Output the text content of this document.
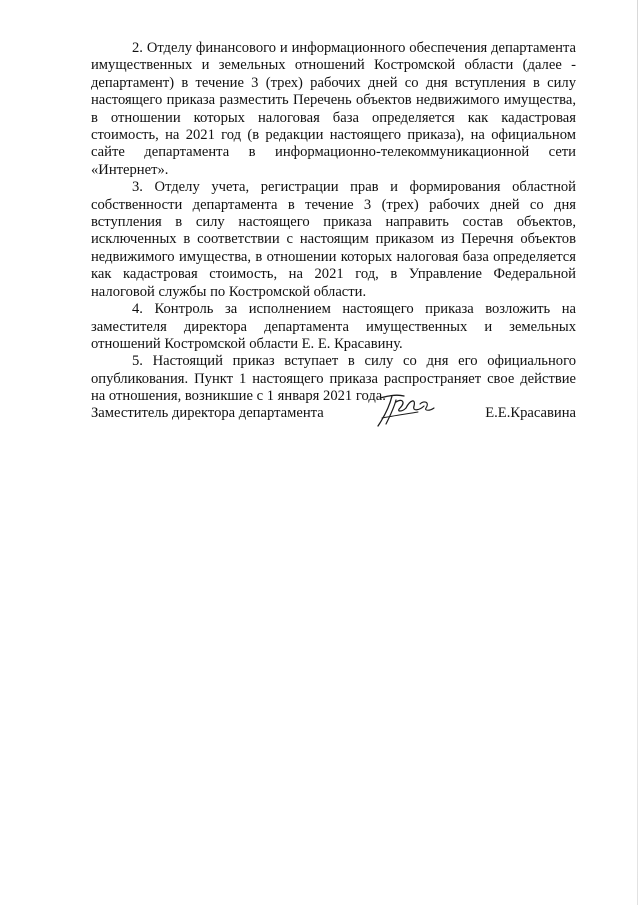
2. Отделу финансового и информационного обеспечения департамента имущественных и земельных отношений Костромской области (далее - департамент) в течение 3 (трех) рабочих дней со дня вступления в силу настоящего приказа разместить Перечень объектов недвижимого имущества, в отношении которых налоговая база определяется как кадастровая стоимость, на 2021 год (в редакции настоящего приказа), на официальном сайте департамента в информационно-телекоммуникационной сети «Интернет».

3. Отделу учета, регистрации прав и формирования областной собственности департамента в течение 3 (трех) рабочих дней со дня вступления в силу настоящего приказа направить состав объектов, исключенных в соответствии с настоящим приказом из Перечня объектов недвижимого имущества, в отношении которых налоговая база определяется как кадастровая стоимость, на 2021 год, в Управление Федеральной налоговой службы по Костромской области.

4. Контроль за исполнением настоящего приказа возложить на заместителя директора департамента имущественных и земельных отношений Костромской области Е. Е. Красавину.

5. Настоящий приказ вступает в силу со дня его официального опубликования. Пункт 1 настоящего приказа распространяет свое действие на отношения, возникшие с 1 января 2021 года.

Заместитель директора департамента	Е.Е.Красавина
